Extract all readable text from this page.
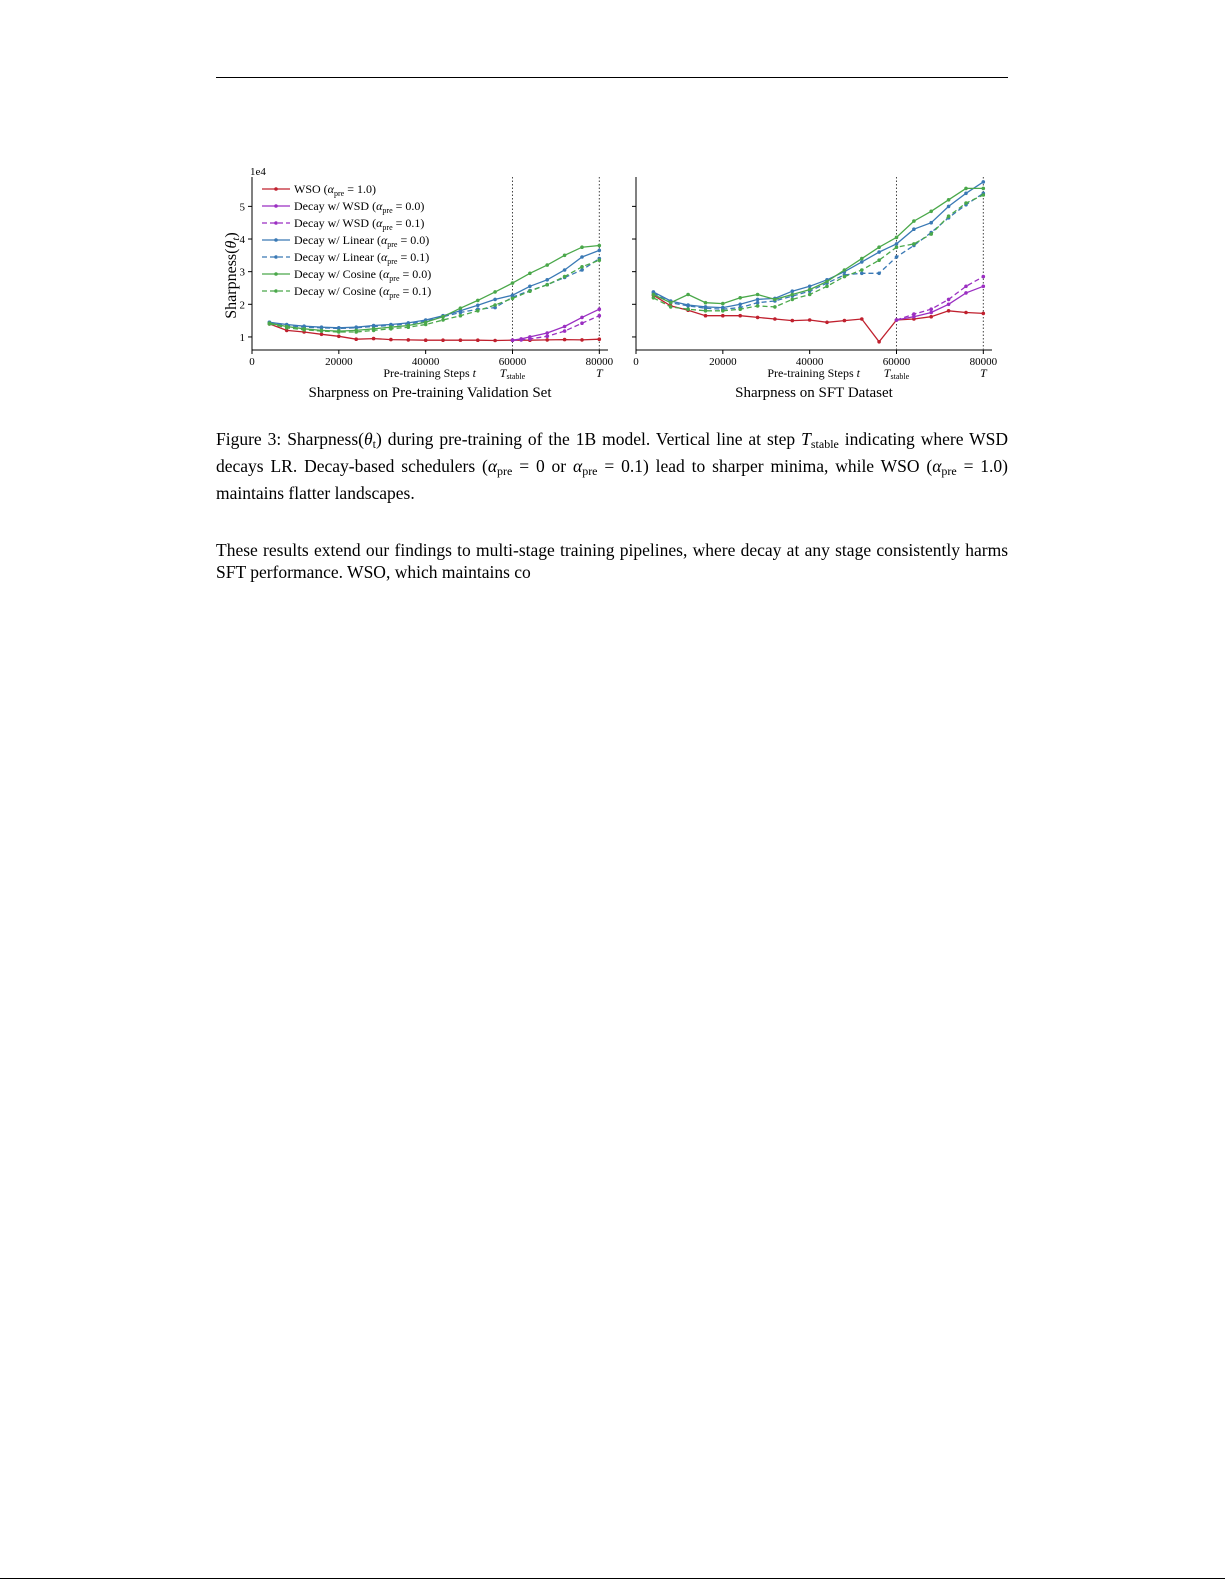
1
2
3
4
5
0	20000	40000	60000	80000
Tstable	T
Pre-training Steps t
Sharpness on Pre-training Validation Set
Sharpness(θt)
1e4
WSO $(\alpha_{pre} = 1.0)$
Decay w/ WSD $(\alpha_{pre} = 0.0)$
Decay w/ WSD $(\alpha_{pre} = 0.1)$
Decay w/ Linear $(\alpha_{pre} = 0.0)$
Decay w/ Linear $(\alpha_{pre} = 0.1)$
Decay w/ Cosine $(\alpha_{pre} = 0.0)$
Decay w/ Cosine $(\alpha_{pre} = 0.1)$
0	20000	40000	60000	80000
Tstable	T
Pre-training Steps t
Sharpness on SFT Dataset

Figure 3: $Sharpness(\theta_t)$ during pre-training of the 1B model. Vertical line at step $T_{stable}$ indicating where WSD decays LR. Decay-based schedulers ($\alpha_{pre} = 0$ or $\alpha_{pre} = 0.1$) lead to sharper minima, while WSO $(\alpha_{pre} = 1.0)$ maintains flatter landscapes.

These results extend our findings to multi-stage training pipelines, where decay at any stage consistently harms SFT performance. WSO, which maintains co
